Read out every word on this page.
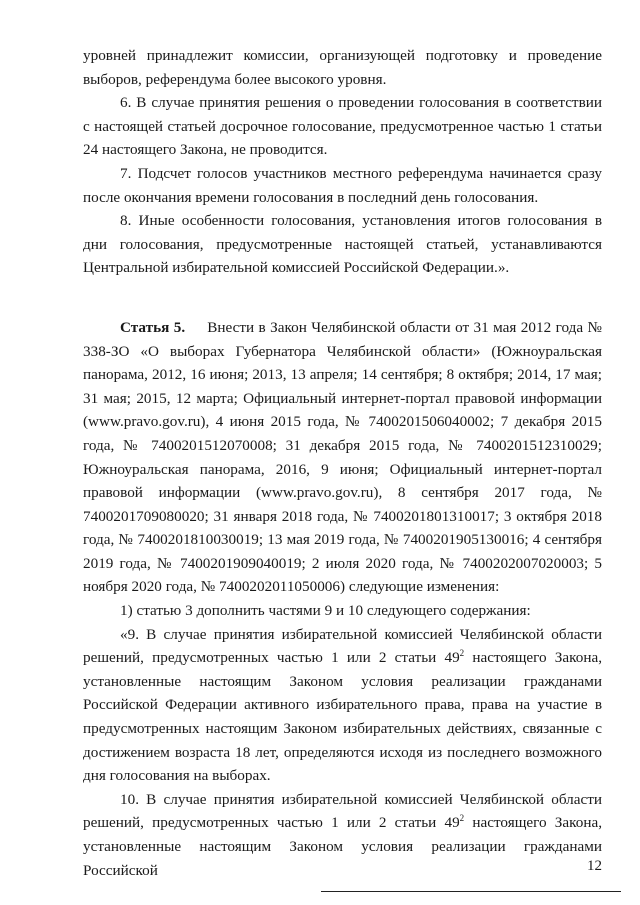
уровней принадлежит комиссии, организующей подготовку и проведение выборов, референдума более высокого уровня.

6. В случае принятия решения о проведении голосования в соответствии с настоящей статьей досрочное голосование, предусмотренное частью 1 статьи 24 настоящего Закона, не проводится.

7. Подсчет голосов участников местного референдума начинается сразу после окончания времени голосования в последний день голосования.

8. Иные особенности голосования, установления итогов голосования в дни голосования, предусмотренные настоящей статьей, устанавливаются Центральной избирательной комиссией Российской Федерации.».

Статья 5. Внести в Закон Челябинской области от 31 мая 2012 года № 338-ЗО «О выборах Губернатора Челябинской области» (Южноуральская панорама, 2012, 16 июня; 2013, 13 апреля; 14 сентября; 8 октября; 2014, 17 мая; 31 мая; 2015, 12 марта; Официальный интернет-портал правовой информации (www.pravo.gov.ru), 4 июня 2015 года, № 7400201506040002; 7 декабря 2015 года, № 7400201512070008; 31 декабря 2015 года, № 7400201512310029; Южноуральская панорама, 2016, 9 июня; Официальный интернет-портал правовой информации (www.pravo.gov.ru), 8 сентября 2017 года, № 7400201709080020; 31 января 2018 года, № 7400201801310017; 3 октября 2018 года, № 7400201810030019; 13 мая 2019 года, № 7400201905130016; 4 сентября 2019 года, № 7400201909040019; 2 июля 2020 года, № 7400202007020003; 5 ноября 2020 года, № 7400202011050006) следующие изменения:

1) статью 3 дополнить частями 9 и 10 следующего содержания:

«9. В случае принятия избирательной комиссией Челябинской области решений, предусмотренных частью 1 или 2 статьи $49^2$ настоящего Закона, установленные настоящим Законом условия реализации гражданами Российской Федерации активного избирательного права, права на участие в предусмотренных настоящим Законом избирательных действиях, связанные с достижением возраста 18 лет, определяются исходя из последнего возможного дня голосования на выборах.

10. В случае принятия избирательной комиссией Челябинской области решений, предусмотренных частью 1 или 2 статьи $49^2$ настоящего Закона, установленные настоящим Законом условия реализации гражданами Российской	12
